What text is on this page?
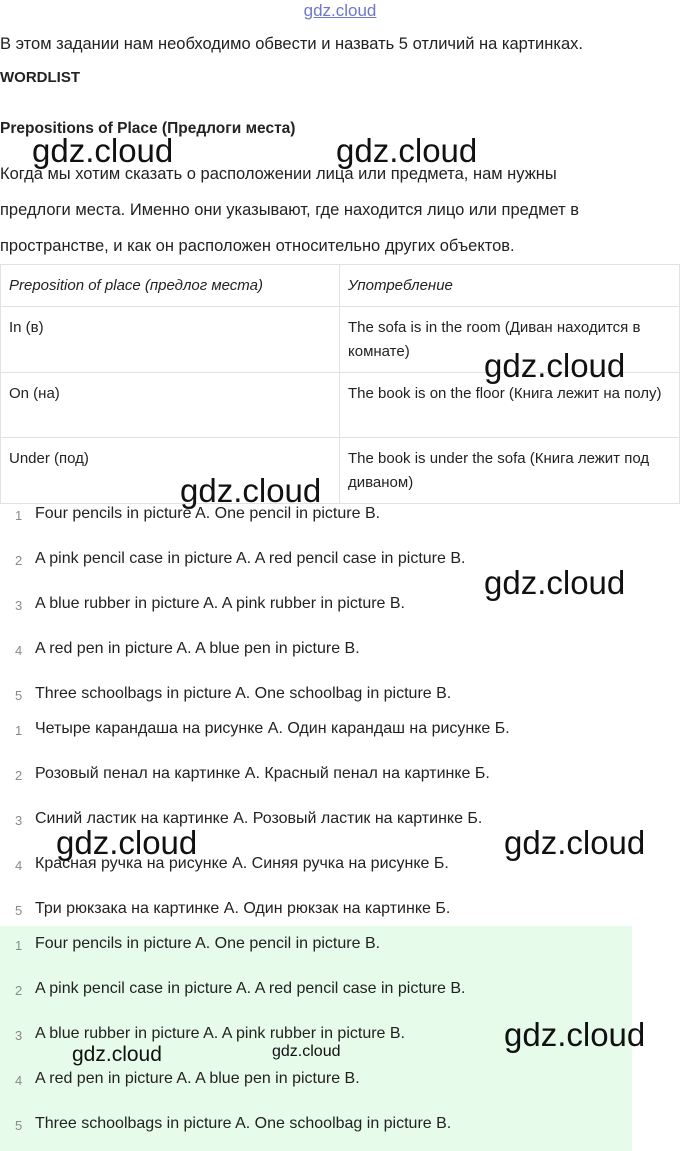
gdz.cloud
В этом задании нам необходимо обвести и назвать 5 отличий на картинках.
WORDLIST
Prepositions of Place (Предлоги места)

Когда мы хотим сказать о расположении лица или предмета, нам нужны

предлоги места. Именно они указывают, где находится лицо или предмет в

пространстве, и как он расположен относительно других объектов.

Preposition of place (предлог места)	Употребление
In (в)	The sofa is in the room (Диван находится в комнате)
On (на)	The book is on the floor (Книга лежит на полу)
Under (под)	The book is under the sofa (Книга лежит под диваном)
1 Four pencils in picture A. One pencil in picture B.
2 A pink pencil case in picture A. A red pencil case in picture B.
3 A blue rubber in picture A. A pink rubber in picture B.
4 A red pen in picture A. A blue pen in picture B.
5 Three schoolbags in picture A. One schoolbag in picture B.
1 Четыре карандаша на рисунке А. Один карандаш на рисунке Б.
2 Розовый пенал на картинке А. Красный пенал на картинке Б.
3 Синий ластик на картинке А. Розовый ластик на картинке Б.
4 Красная ручка на рисунке А. Синяя ручка на рисунке Б.
5 Три рюкзака на картинке А. Один рюкзак на картинке Б.
1 Four pencils in picture A. One pencil in picture B.
2 A pink pencil case in picture A. A red pencil case in picture B.
3 A blue rubber in picture A. A pink rubber in picture B.
4 A red pen in picture A. A blue pen in picture B.
5 Three schoolbags in picture A. One schoolbag in picture B.
gdz.cloud	gdz.cloud
gdz.cloud
gdz.cloud
gdz.cloud
gdz.cloud	gdz.cloud
gdz.cloud
gdz.cloud	gdz.cloud
